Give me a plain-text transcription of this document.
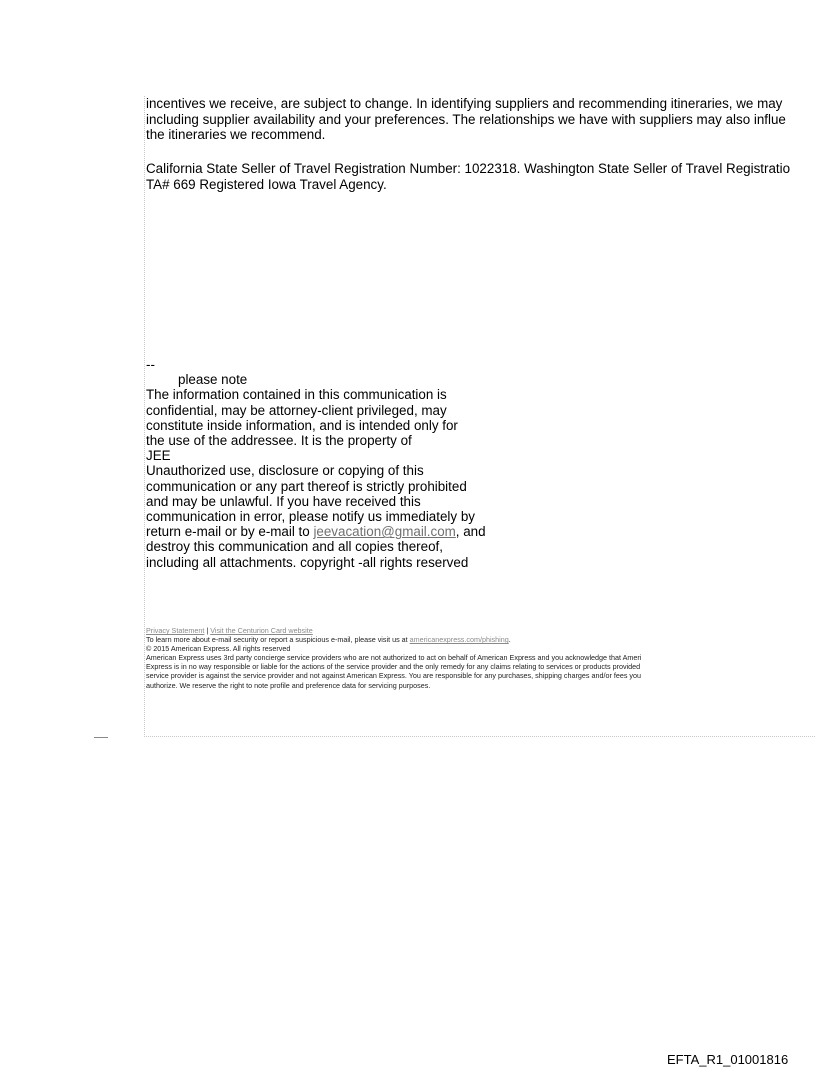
incentives we receive, are subject to change. In identifying suppliers and recommending itineraries, we may
including supplier availability and your preferences. The relationships we have with suppliers may also influe
the itineraries we recommend.
California State Seller of Travel Registration Number: 1022318. Washington State Seller of Travel Registratio
TA# 669 Registered Iowa Travel Agency.
--
please note
The information contained in this communication is
confidential, may be attorney-client privileged, may
constitute inside information, and is intended only for
the use of the addressee. It is the property of
JEE
Unauthorized use, disclosure or copying of this
communication or any part thereof is strictly prohibited
and may be unlawful. If you have received this
communication in error, please notify us immediately by
return e-mail or by e-mail to jeevacation@gmail.com, and
destroy this communication and all copies thereof,
including all attachments. copyright -all rights reserved
Privacy Statement | Visit the Centurion Card website
To learn more about e-mail security or report a suspicious e-mail, please visit us at americanexpress.com/phishing.
© 2015 American Express. All rights reserved
American Express uses 3rd party concierge service providers who are not authorized to act on behalf of American Express and you acknowledge that Ameri
Express is in no way responsible or liable for the actions of the service provider and the only remedy for any claims relating to services or products provided
service provider is against the service provider and not against American Express. You are responsible for any purchases, shipping charges and/or fees you
authorize. We reserve the right to note profile and preference data for servicing purposes.
EFTA_R1_01001816
